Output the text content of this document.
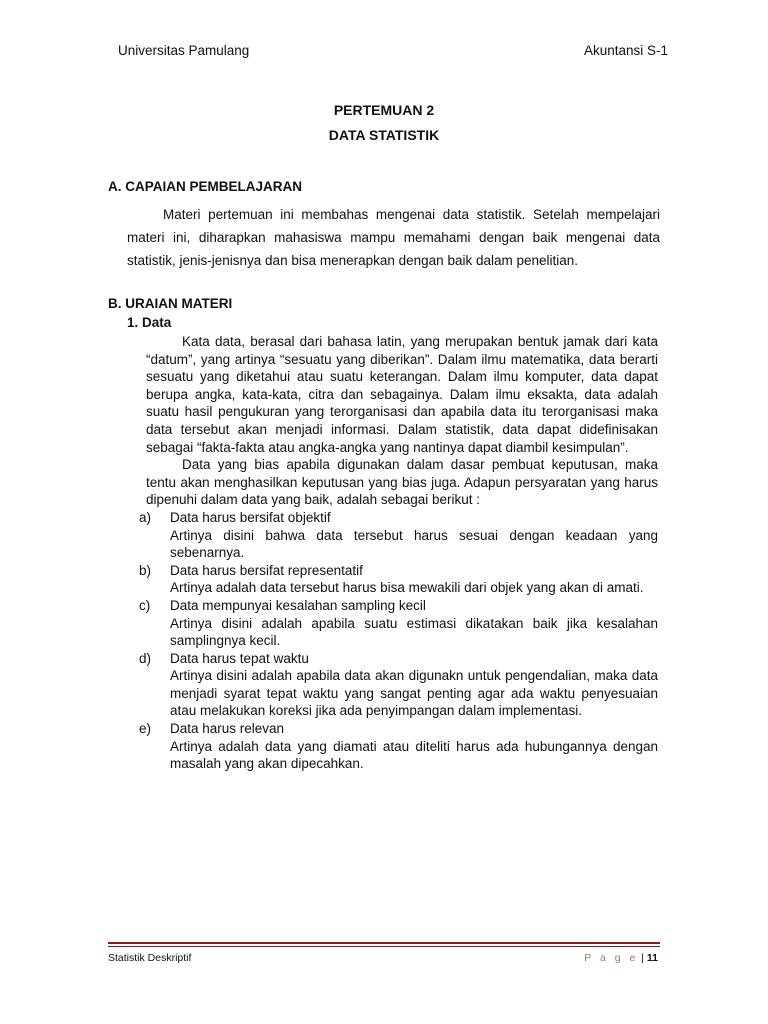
Universitas Pamulang	Akuntansi S-1
PERTEMUAN 2
DATA STATISTIK
A. CAPAIAN PEMBELAJARAN

Materi pertemuan ini membahas mengenai data statistik. Setelah mempelajari materi ini, diharapkan mahasiswa mampu memahami dengan baik mengenai data statistik, jenis-jenisnya dan bisa menerapkan dengan baik dalam penelitian.

B. URAIAN MATERI
1. Data

Kata data, berasal dari bahasa latin, yang merupakan bentuk jamak dari kata “datum”, yang artinya “sesuatu yang diberikan”. Dalam ilmu matematika, data berarti sesuatu yang diketahui atau suatu keterangan. Dalam ilmu komputer, data dapat berupa angka, kata-kata, citra dan sebagainya. Dalam ilmu eksakta, data adalah suatu hasil pengukuran yang terorganisasi dan apabila data itu terorganisasi maka data tersebut akan menjadi informasi. Dalam statistik, data dapat didefinisakan sebagai “fakta-fakta atau angka-angka yang nantinya dapat diambil kesimpulan”.

Data yang bias apabila digunakan dalam dasar pembuat keputusan, maka tentu akan menghasilkan keputusan yang bias juga. Adapun persyaratan yang harus dipenuhi dalam data yang baik, adalah sebagai berikut :

a) Data harus bersifat objektif
Artinya disini bahwa data tersebut harus sesuai dengan keadaan yang sebenarnya.
b) Data harus bersifat representatif
Artinya adalah data tersebut harus bisa mewakili dari objek yang akan di amati.
c) Data mempunyai kesalahan sampling kecil
Artinya disini adalah apabila suatu estimasi dikatakan baik jika kesalahan samplingnya kecil.
d) Data harus tepat waktu
Artinya disini adalah apabila data akan digunakn untuk pengendalian, maka data menjadi syarat tepat waktu yang sangat penting agar ada waktu penyesuaian atau melakukan koreksi jika ada penyimpangan dalam implementasi.
e) Data harus relevan
Artinya adalah data yang diamati atau diteliti harus ada hubungannya dengan masalah yang akan dipecahkan.
Statistik Deskriptif	P a g e | 11
